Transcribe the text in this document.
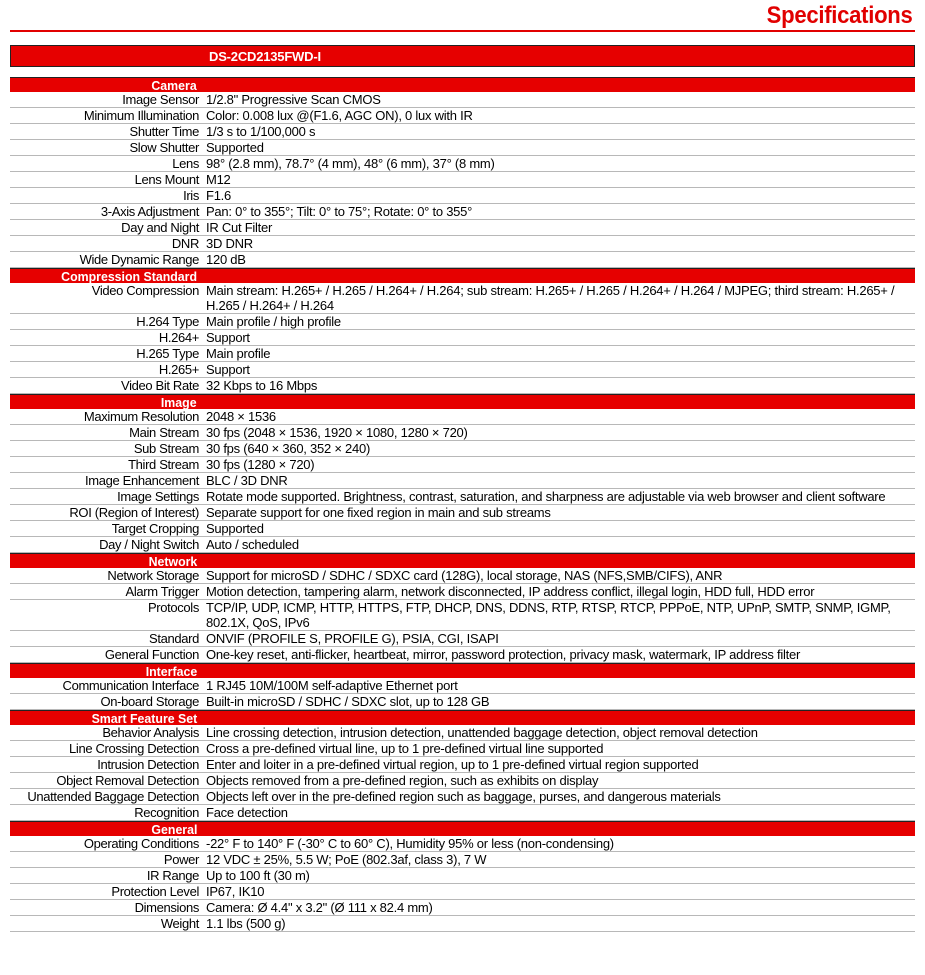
Specifications
DS-2CD2135FWD-I
Camera
Image Sensor 1/2.8" Progressive Scan CMOS
Minimum Illumination Color: 0.008 lux @(F1.6, AGC ON), 0 lux with IR
Shutter Time 1/3 s to 1/100,000 s
Slow Shutter Supported
Lens 98° (2.8 mm), 78.7° (4 mm), 48° (6 mm), 37° (8 mm)
Lens Mount M12
Iris F1.6
3-Axis Adjustment Pan: 0° to 355°; Tilt: 0° to 75°; Rotate: 0° to 355°
Day and Night IR Cut Filter
DNR 3D DNR
Wide Dynamic Range 120 dB
Compression Standard
Video Compression Main stream: H.265+ / H.265 / H.264+ / H.264; sub stream: H.265+ / H.265 / H.264+ / H.264 / MJPEG; third stream: H.265+ / H.265 / H.264+ / H.264
H.264 Type Main profile / high profile
H.264+ Support
H.265 Type Main profile
H.265+ Support
Video Bit Rate 32 Kbps to 16 Mbps
Image
Maximum Resolution 2048 × 1536
Main Stream 30 fps (2048 × 1536, 1920 × 1080, 1280 × 720)
Sub Stream 30 fps (640 × 360, 352 × 240)
Third Stream 30 fps (1280 × 720)
Image Enhancement BLC / 3D DNR
Image Settings Rotate mode supported. Brightness, contrast, saturation, and sharpness are adjustable via web browser and client software
ROI (Region of Interest) Separate support for one fixed region in main and sub streams
Target Cropping Supported
Day / Night Switch Auto / scheduled
Network
Network Storage Support for microSD / SDHC / SDXC card (128G), local storage, NAS (NFS,SMB/CIFS), ANR
Alarm Trigger Motion detection, tampering alarm, network disconnected, IP address conflict, illegal login, HDD full, HDD error
Protocols TCP/IP, UDP, ICMP, HTTP, HTTPS, FTP, DHCP, DNS, DDNS, RTP, RTSP, RTCP, PPPoE, NTP, UPnP, SMTP, SNMP, IGMP, 802.1X, QoS, IPv6
Standard ONVIF (PROFILE S, PROFILE G), PSIA, CGI, ISAPI
General Function One-key reset, anti-flicker, heartbeat, mirror, password protection, privacy mask, watermark, IP address filter
Interface
Communication Interface 1 RJ45 10M/100M self-adaptive Ethernet port
On-board Storage Built-in microSD / SDHC / SDXC slot, up to 128 GB
Smart Feature Set
Behavior Analysis Line crossing detection, intrusion detection, unattended baggage detection, object removal detection
Line Crossing Detection Cross a pre-defined virtual line, up to 1 pre-defined virtual line supported
Intrusion Detection Enter and loiter in a pre-defined virtual region, up to 1 pre-defined virtual region supported
Object Removal Detection Objects removed from a pre-defined region, such as exhibits on display
Unattended Baggage Detection Objects left over in the pre-defined region such as baggage, purses, and dangerous materials
Recognition Face detection
General
Operating Conditions -22° F to 140° F (-30° C to 60° C), Humidity 95% or less (non-condensing)
Power 12 VDC ± 25%, 5.5 W; PoE (802.3af, class 3), 7 W
IR Range Up to 100 ft (30 m)
Protection Level IP67, IK10
Dimensions Camera: Ø 4.4" x 3.2" (Ø 111 x 82.4 mm)
Weight 1.1 lbs (500 g)
